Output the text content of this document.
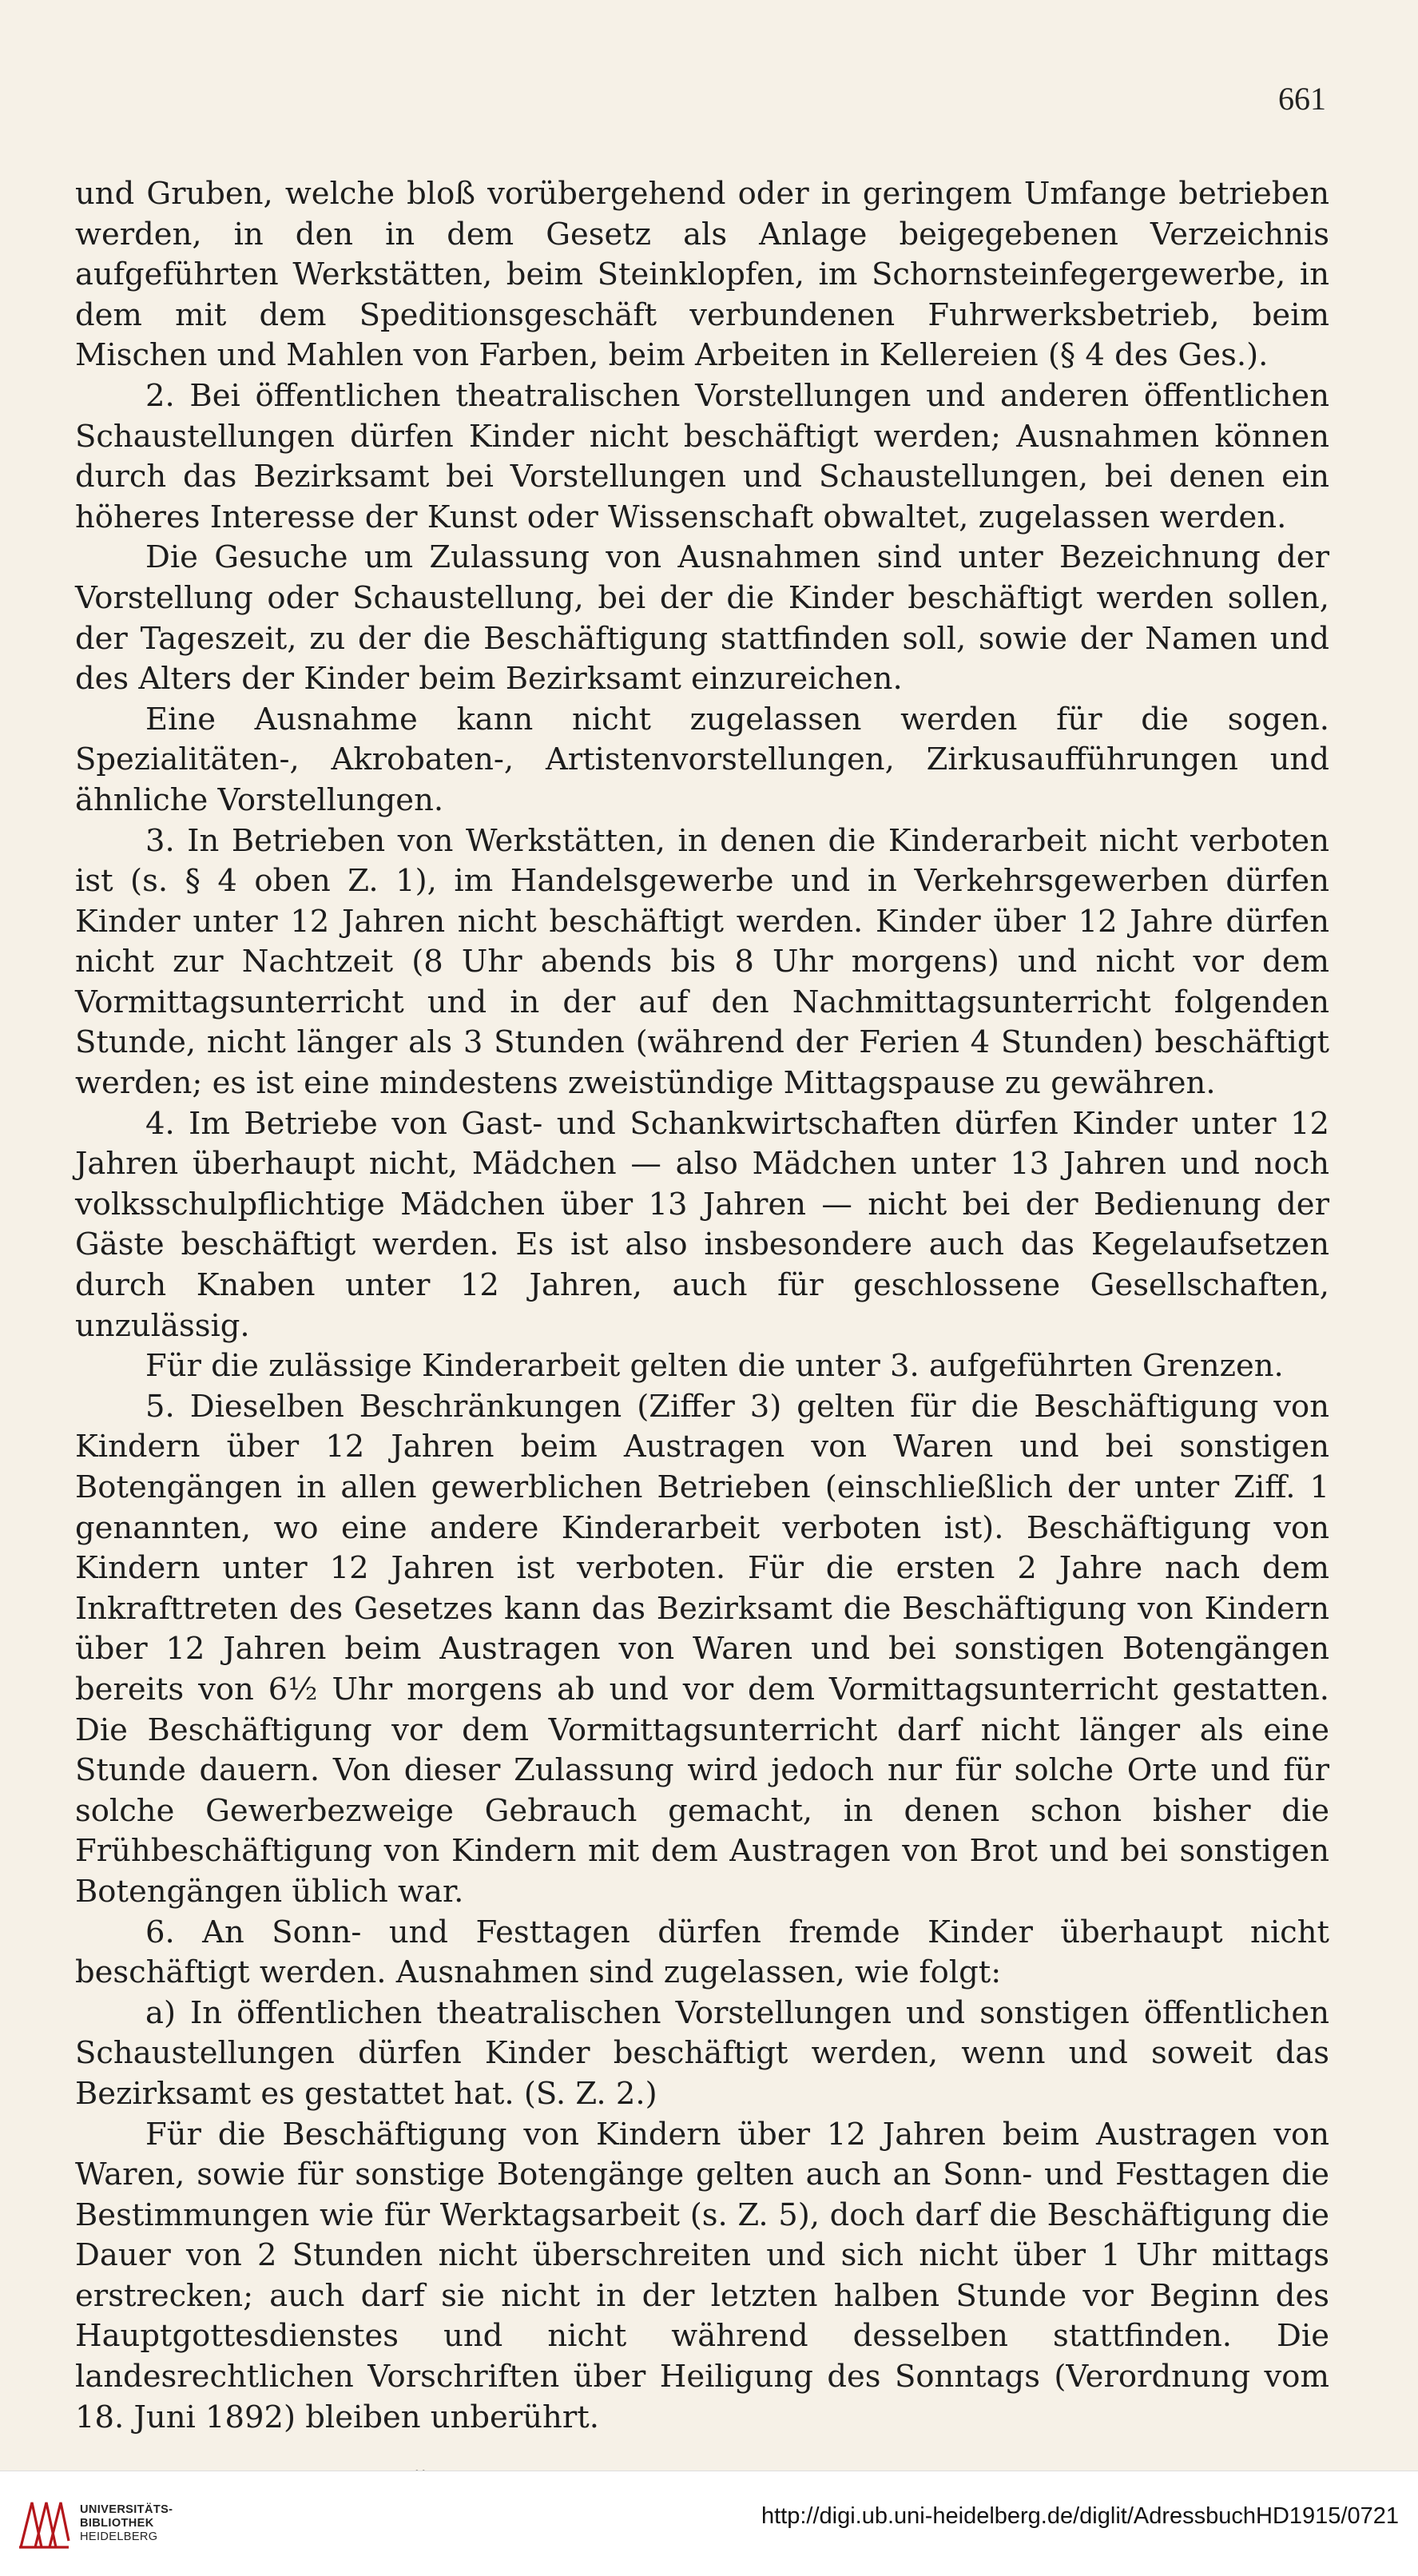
661

und Gruben, welche bloß vorübergehend oder in geringem Umfange betrieben werden, in den in dem Gesetz als Anlage beigegebenen Verzeichnis aufgeführten Werkstätten, beim Steinklopfen, im Schornsteinfegergewerbe, in dem mit dem Speditionsgeschäft verbundenen Fuhrwerksbetrieb, beim Mischen und Mahlen von Farben, beim Arbeiten in Kellereien (§ 4 des Ges.).

2. Bei öffentlichen theatralischen Vorstellungen und anderen öffentlichen Schaustellungen dürfen Kinder nicht beschäftigt werden; Ausnahmen können durch das Bezirksamt bei Vorstellungen und Schaustellungen, bei denen ein höheres Interesse der Kunst oder Wissenschaft obwaltet, zugelassen werden.

Die Gesuche um Zulassung von Ausnahmen sind unter Bezeichnung der Vorstellung oder Schaustellung, bei der die Kinder beschäftigt werden sollen, der Tageszeit, zu der die Beschäftigung stattfinden soll, sowie der Namen und des Alters der Kinder beim Bezirksamt einzureichen.

Eine Ausnahme kann nicht zugelassen werden für die sogen. Spezialitäten-, Akrobaten-, Artistenvorstellungen, Zirkusaufführungen und ähnliche Vorstellungen.

3. In Betrieben von Werkstätten, in denen die Kinderarbeit nicht verboten ist (s. § 4 oben Z. 1), im Handelsgewerbe und in Verkehrsgewerben dürfen Kinder unter 12 Jahren nicht beschäftigt werden. Kinder über 12 Jahre dürfen nicht zur Nachtzeit (8 Uhr abends bis 8 Uhr morgens) und nicht vor dem Vormittagsunterricht und in der auf den Nachmittagsunterricht folgenden Stunde, nicht länger als 3 Stunden (während der Ferien 4 Stunden) beschäftigt werden; es ist eine mindestens zweistündige Mittagspause zu gewähren.

4. Im Betriebe von Gast- und Schankwirtschaften dürfen Kinder unter 12 Jahren überhaupt nicht, Mädchen — also Mädchen unter 13 Jahren und noch volksschulpflichtige Mädchen über 13 Jahren — nicht bei der Bedienung der Gäste beschäftigt werden. Es ist also insbesondere auch das Kegelaufsetzen durch Knaben unter 12 Jahren, auch für geschlossene Gesellschaften, unzulässig.

Für die zulässige Kinderarbeit gelten die unter 3. aufgeführten Grenzen.

5. Dieselben Beschränkungen (Ziffer 3) gelten für die Beschäftigung von Kindern über 12 Jahren beim Austragen von Waren und bei sonstigen Botengängen in allen gewerblichen Betrieben (einschließlich der unter Ziff. 1 genannten, wo eine andere Kinderarbeit verboten ist). Beschäftigung von Kindern unter 12 Jahren ist verboten. Für die ersten 2 Jahre nach dem Inkrafttreten des Gesetzes kann das Bezirksamt die Beschäftigung von Kindern über 12 Jahren beim Austragen von Waren und bei sonstigen Botengängen bereits von 6½ Uhr morgens ab und vor dem Vormittagsunterricht gestatten. Die Beschäftigung vor dem Vormittagsunterricht darf nicht länger als eine Stunde dauern. Von dieser Zulassung wird jedoch nur für solche Orte und für solche Gewerbezweige Gebrauch gemacht, in denen schon bisher die Frühbeschäftigung von Kindern mit dem Austragen von Brot und bei sonstigen Botengängen üblich war.

6. An Sonn- und Festtagen dürfen fremde Kinder überhaupt nicht beschäftigt werden. Ausnahmen sind zugelassen, wie folgt:

a) In öffentlichen theatralischen Vorstellungen und sonstigen öffentlichen Schaustellungen dürfen Kinder beschäftigt werden, wenn und soweit das Bezirksamt es gestattet hat. (S. Z. 2.)

Für die Beschäftigung von Kindern über 12 Jahren beim Austragen von Waren, sowie für sonstige Botengänge gelten auch an Sonn- und Festtagen die Bestimmungen wie für Werktagsarbeit (s. Z. 5), doch darf die Beschäftigung die Dauer von 2 Stunden nicht überschreiten und sich nicht über 1 Uhr mittags erstrecken; auch darf sie nicht in der letzten halben Stunde vor Beginn des Hauptgottesdienstes und nicht während desselben stattfinden. Die landesrechtlichen Vorschriften über Heiligung des Sonntags (Verordnung vom 18. Juni 1892) bleiben unberührt.

UNIVERSITÄTS-
BIBLIOTHEK
HEIDELBERG
http://digi.ub.uni-heidelberg.de/diglit/AdressbuchHD1915/0721
